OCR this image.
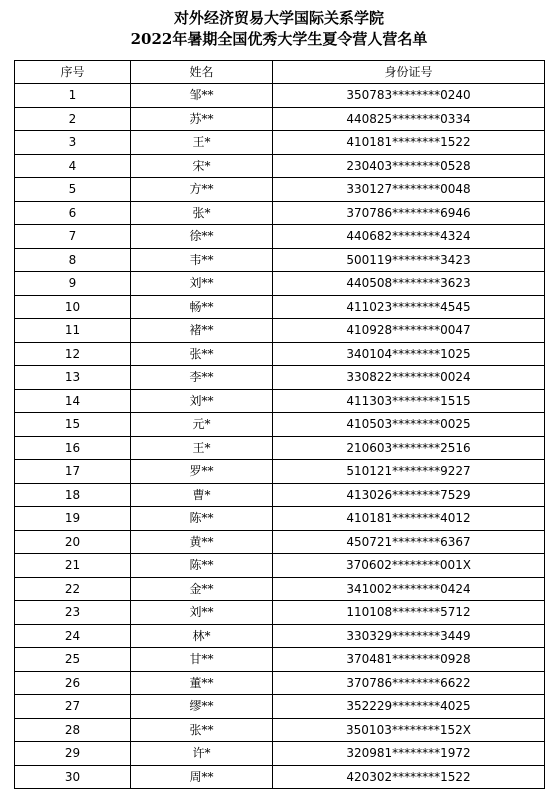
对外经济贸易大学国际关系学院
2022年暑期全国优秀大学生夏令营人营名单
序号	姓名	身份证号
1	邹**	350783********0240
2	苏**	440825********0334
3	王*	410181********1522
4	宋*	230403********0528
5	方**	330127********0048
6	张*	370786********6946
7	徐**	440682********4324
8	韦**	500119********3423
9	刘**	440508********3623
10	畅**	411023********4545
11	褚**	410928********0047
12	张**	340104********1025
13	李**	330822********0024
14	刘**	411303********1515
15	元*	410503********0025
16	王*	210603********2516
17	罗**	510121********9227
18	曹*	413026********7529
19	陈**	410181********4012
20	黄**	450721********6367
21	陈**	370602********001X
22	金**	341002********0424
23	刘**	110108********5712
24	林*	330329********3449
25	甘**	370481********0928
26	董**	370786********6622
27	缪**	352229********4025
28	张**	350103********152X
29	许*	320981********1972
30	周**	420302********1522
